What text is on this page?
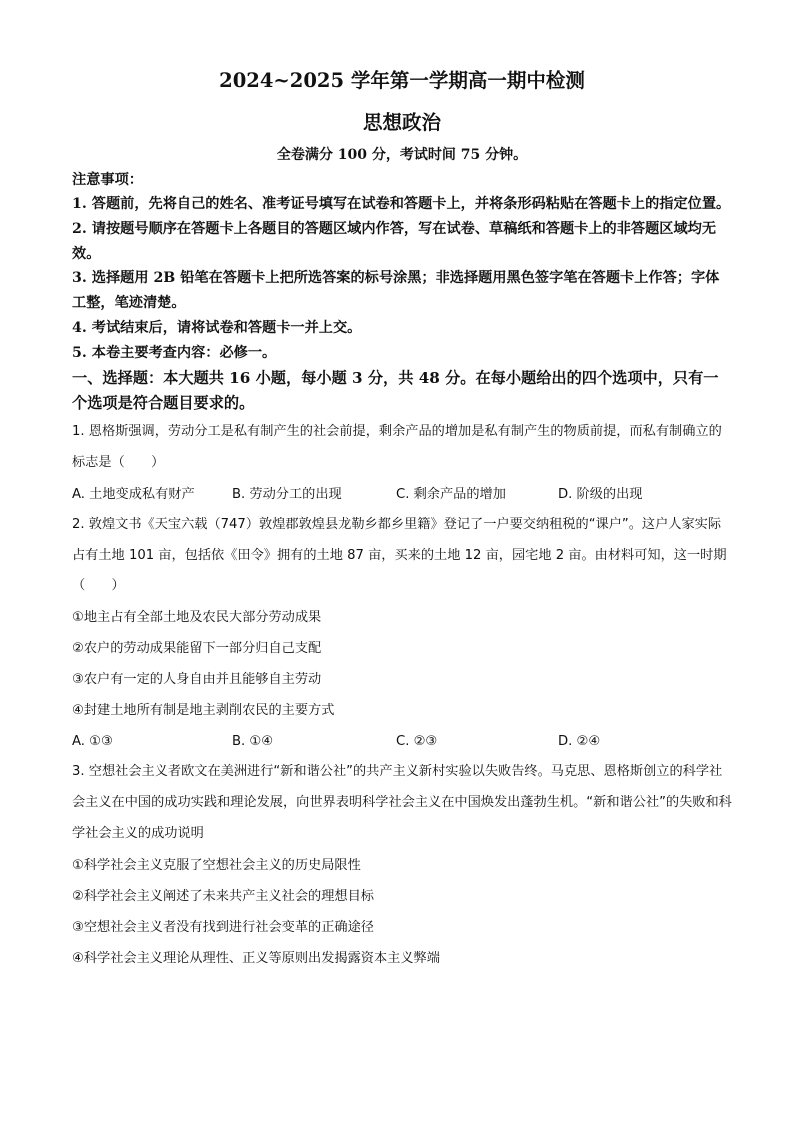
2024~2025 学年第一学期高一期中检测
思想政治
全卷满分 100 分，考试时间 75 分钟。
注意事项：

1. 答题前，先将自己的姓名、准考证号填写在试卷和答题卡上，并将条形码粘贴在答题卡上的指定位置。

2. 请按题号顺序在答题卡上各题目的答题区域内作答，写在试卷、草稿纸和答题卡上的非答题区域均无效。

3. 选择题用 2B 铅笔在答题卡上把所选答案的标号涂黑；非选择题用黑色签字笔在答题卡上作答；字体工整，笔迹清楚。

4. 考试结束后，请将试卷和答题卡一并上交。

5. 本卷主要考查内容：必修一。

一、选择题：本大题共 16 小题，每小题 3 分，共 48 分。在每小题给出的四个选项中，只有一个选项是符合题目要求的。

1. 恩格斯强调，劳动分工是私有制产生的社会前提，剩余产品的增加是私有制产生的物质前提，而私有制确立的标志是（　　）

A. 土地变成私有财产	B. 劳动分工的出现	C. 剩余产品的增加	D. 阶级的出现

2. 敦煌文书《天宝六载（747）敦煌郡敦煌县龙勒乡都乡里籍》登记了一户要交纳租税的“课户”。这户人家实际占有土地 101 亩，包括依《田令》拥有的土地 87 亩，买来的土地 12 亩，园宅地 2 亩。由材料可知，这一时期（　　）

①地主占有全部土地及农民大部分劳动成果

②农户的劳动成果能留下一部分归自己支配

③农户有一定的人身自由并且能够自主劳动

④封建土地所有制是地主剥削农民的主要方式

A. ①③	B. ①④	C. ②③	D. ②④

3. 空想社会主义者欧文在美洲进行“新和谐公社”的共产主义新村实验以失败告终。马克思、恩格斯创立的科学社会主义在中国的成功实践和理论发展，向世界表明科学社会主义在中国焕发出蓬勃生机。“新和谐公社”的失败和科学社会主义的成功说明

①科学社会主义克服了空想社会主义的历史局限性

②科学社会主义阐述了未来共产主义社会的理想目标

③空想社会主义者没有找到进行社会变革的正确途径

④科学社会主义理论从理性、正义等原则出发揭露资本主义弊端
